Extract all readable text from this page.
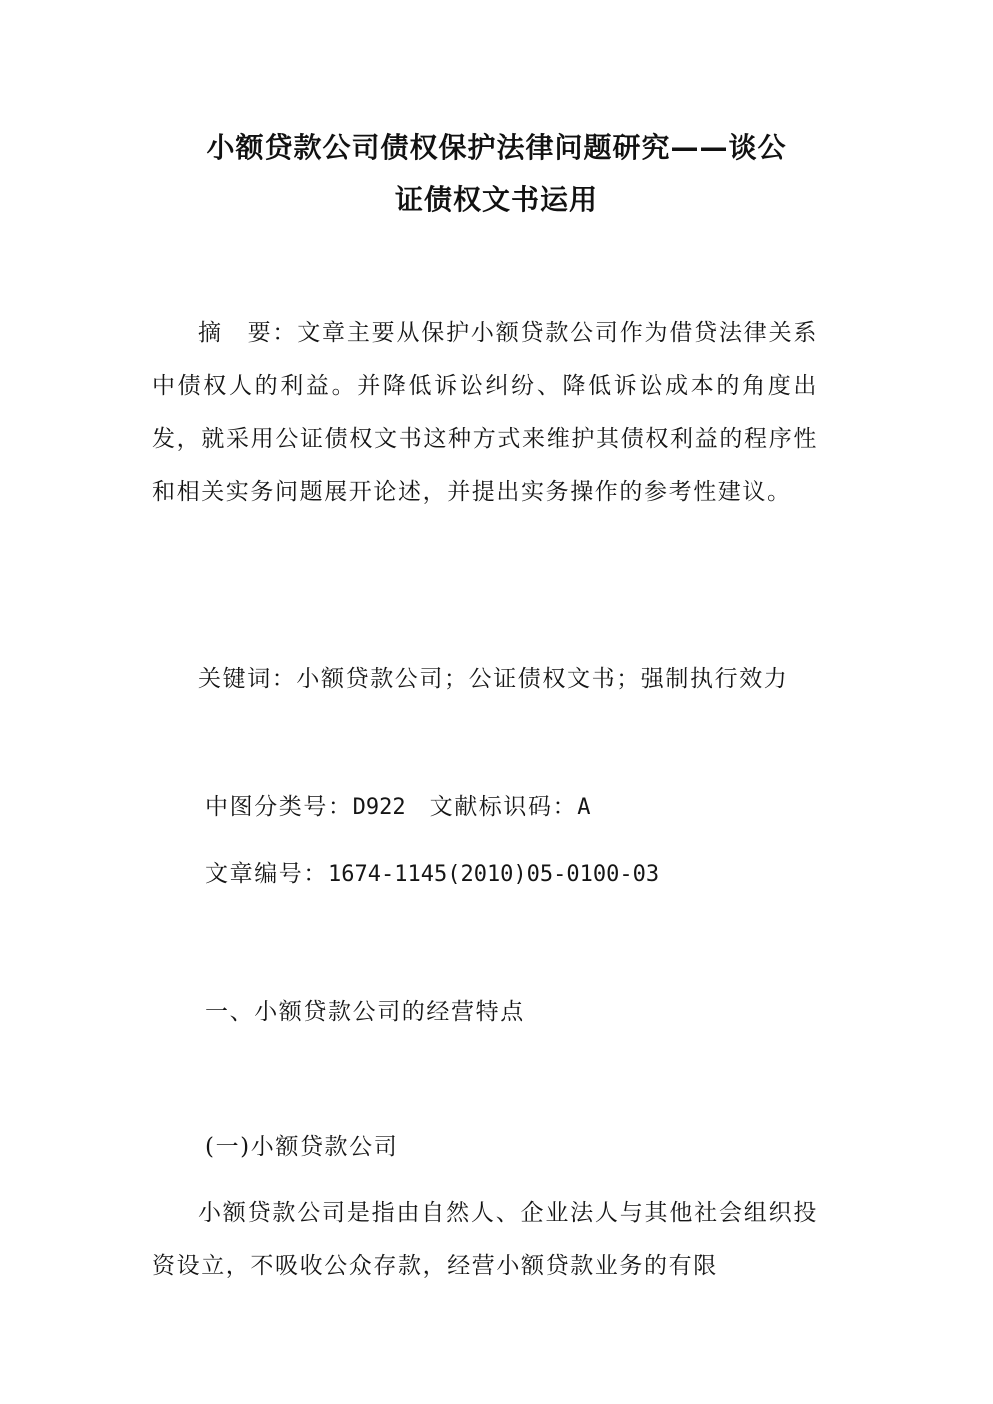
小额贷款公司债权保护法律问题研究——谈公
证债权文书运用

摘　要：文章主要从保护小额贷款公司作为借贷法律关系中债权人的利益。并降低诉讼纠纷、降低诉讼成本的角度出发，就采用公证债权文书这种方式来维护其债权利益的程序性和相关实务问题展开论述，并提出实务操作的参考性建议。

关键词：小额贷款公司；公证债权文书；强制执行效力

中图分类号：D922 文献标识码：A
文章编号：1674-1145(2010)05-0100-03
一、小额贷款公司的经营特点
(一)小额贷款公司

小额贷款公司是指由自然人、企业法人与其他社会组织投资设立，不吸收公众存款，经营小额贷款业务的有限
